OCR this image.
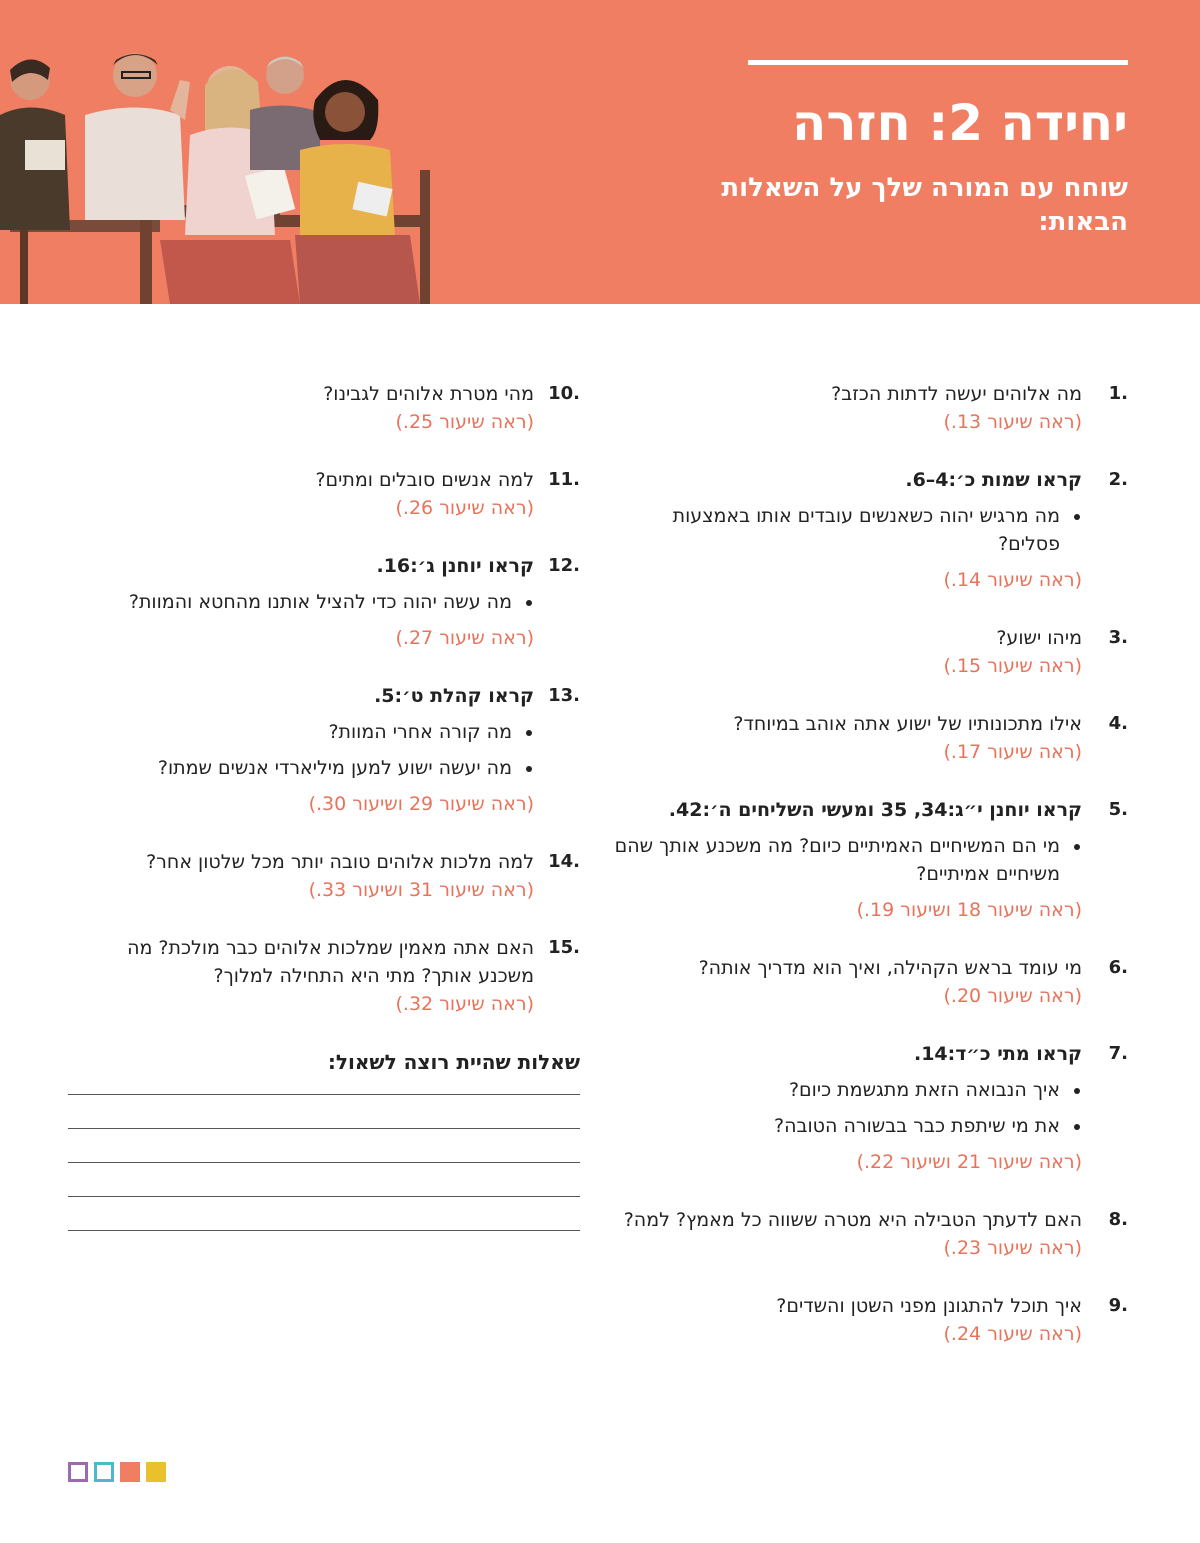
יחידה 2: חזרה
שוחח עם המורה שלך על השאלות הבאות:
.1
מה אלוהים יעשה לדתות הכזב?
(ראה שיעור 13.)
.2
קראו שמות כ׳:4–6.
מה מרגיש יהוה כשאנשים עובדים אותו באמצעות פסלים?
(ראה שיעור 14.)
.3
מיהו ישוע?
(ראה שיעור 15.)
.4
אילו מתכונותיו של ישוע אתה אוהב במיוחד?
(ראה שיעור 17.)
.5
קראו יוחנן י״ג:34, 35 ומעשי השליחים ה׳:42.
מי הם המשיחיים האמיתיים כיום? מה משכנע אותך שהם משיחיים אמיתיים?
(ראה שיעור 18 ושיעור 19.)
.6
מי עומד בראש הקהילה, ואיך הוא מדריך אותה?
(ראה שיעור 20.)
.7
קראו מתי כ״ד:14.
איך הנבואה הזאת מתגשמת כיום?
את מי שיתפת כבר בבשורה הטובה?
(ראה שיעור 21 ושיעור 22.)
.8
האם לדעתך הטבילה היא מטרה ששווה כל מאמץ? למה?
(ראה שיעור 23.)
.9
איך תוכל להתגונן מפני השטן והשדים?
(ראה שיעור 24.)
.10
מהי מטרת אלוהים לגבינו?
(ראה שיעור 25.)
.11
למה אנשים סובלים ומתים?
(ראה שיעור 26.)
.12
קראו יוחנן ג׳:16.
מה עשה יהוה כדי להציל אותנו מהחטא והמוות?
(ראה שיעור 27.)
.13
קראו קהלת ט׳:5.
מה קורה אחרי המוות?
מה יעשה ישוע למען מיליארדי אנשים שמתו?
(ראה שיעור 29 ושיעור 30.)
.14
למה מלכות אלוהים טובה יותר מכל שלטון אחר?
(ראה שיעור 31 ושיעור 33.)
.15
האם אתה מאמין שמלכות אלוהים כבר מולכת? מה משכנע אותך? מתי היא התחילה למלוך?
(ראה שיעור 32.)
שאלות שהיית רוצה לשאול:
